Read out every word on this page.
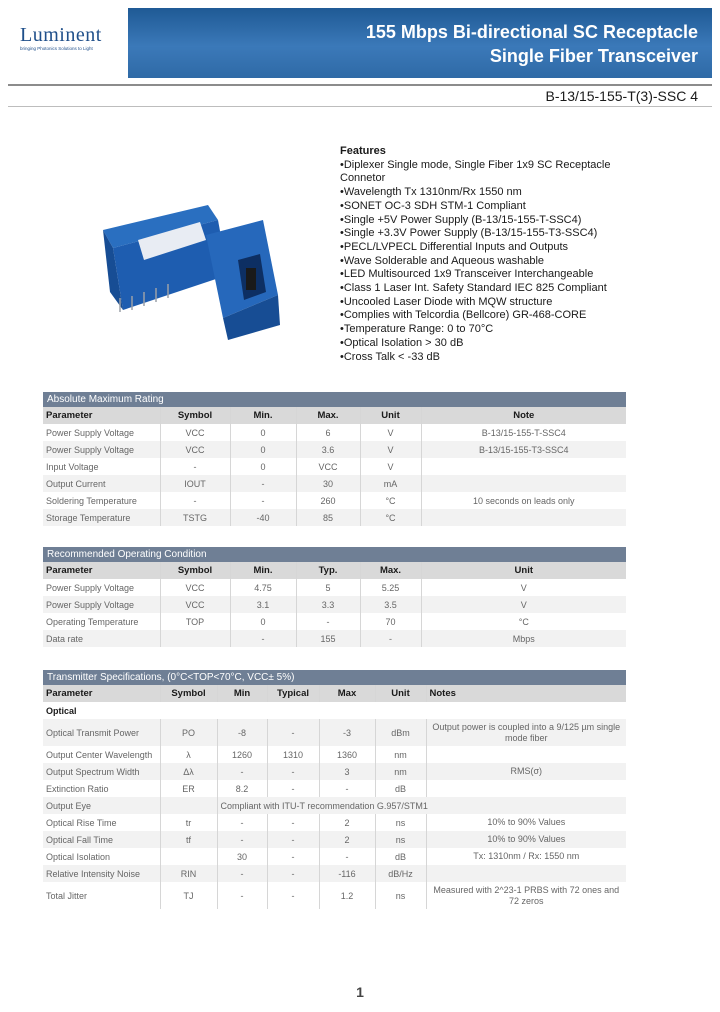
Luminent
bringing Photonics Solutions to Light
155 Mbps Bi-directional SC Receptacle
Single Fiber Transceiver
B-13/15-155-T(3)-SSC 4
Features
• Diplexer Single mode, Single Fiber 1x9 SC Receptacle Connetor
• Wavelength Tx 1310nm/Rx 1550 nm
• SONET OC-3 SDH STM-1 Compliant
• Single +5V Power Supply (B-13/15-155-T-SSC4)
• Single +3.3V Power Supply (B-13/15-155-T3-SSC4)
• PECL/LVPECL Differential Inputs and Outputs
• Wave Solderable and Aqueous washable
• LED Multisourced 1x9 Transceiver Interchangeable
• Class 1 Laser Int. Safety Standard IEC 825 Compliant
• Uncooled Laser Diode with MQW structure
• Complies with Telcordia (Bellcore) GR-468-CORE
• Temperature Range: 0 to 70°C
• Optical Isolation > 30 dB
• Cross Talk < -33 dB
Absolute Maximum Rating					
Parameter	Symbol	Min.	Max.	Unit	Note
Power Supply Voltage	VCC	0	6	V	B-13/15-155-T-SSC4
Power Supply Voltage	VCC	0	3.6	V	B-13/15-155-T3-SSC4
Input Voltage	-	0	VCC	V	
Output Current	IOUT	-	30	mA	
Soldering Temperature	-	-	260	°C	10 seconds on leads only
Storage Temperature	TSTG	-40	85	°C	
Recommended Operating Condition					
Parameter	Symbol	Min.	Typ.	Max.	Unit
Power Supply Voltage	VCC	4.75	5	5.25	V
Power Supply Voltage	VCC	3.1	3.3	3.5	V
Operating Temperature	TOP	0	-	70	°C
Data rate		-	155	-	Mbps
Transmitter Specifications, (0°C<TOP<70°C, VCC± 5%)						
Parameter	Symbol	Min	Typical	Max	Unit	Notes
Optical						
Optical Transmit Power	PO	-8	-	-3	dBm	Output power is coupled into a 9/125 µm single mode fiber
Output Center Wavelength	λ	1260	1310	1360	nm	
Output Spectrum Width	Δλ	-	-	3	nm	RMS(σ)
Extinction Ratio	ER	8.2	-	-	dB	
Output Eye		Compliant with ITU-T recommendation G.957/STM1				
Optical Rise Time	tr	-	-	2	ns	10% to 90% Values
Optical Fall Time	tf	-	-	2	ns	10% to 90% Values
Optical Isolation		30	-	-	dB	Tx: 1310nm / Rx: 1550 nm
Relative Intensity Noise	RIN	-	-	-116	dB/Hz	
Total Jitter	TJ	-	-	1.2	ns	Measured with 2^23-1 PRBS with 72 ones and 72 zeros
1
